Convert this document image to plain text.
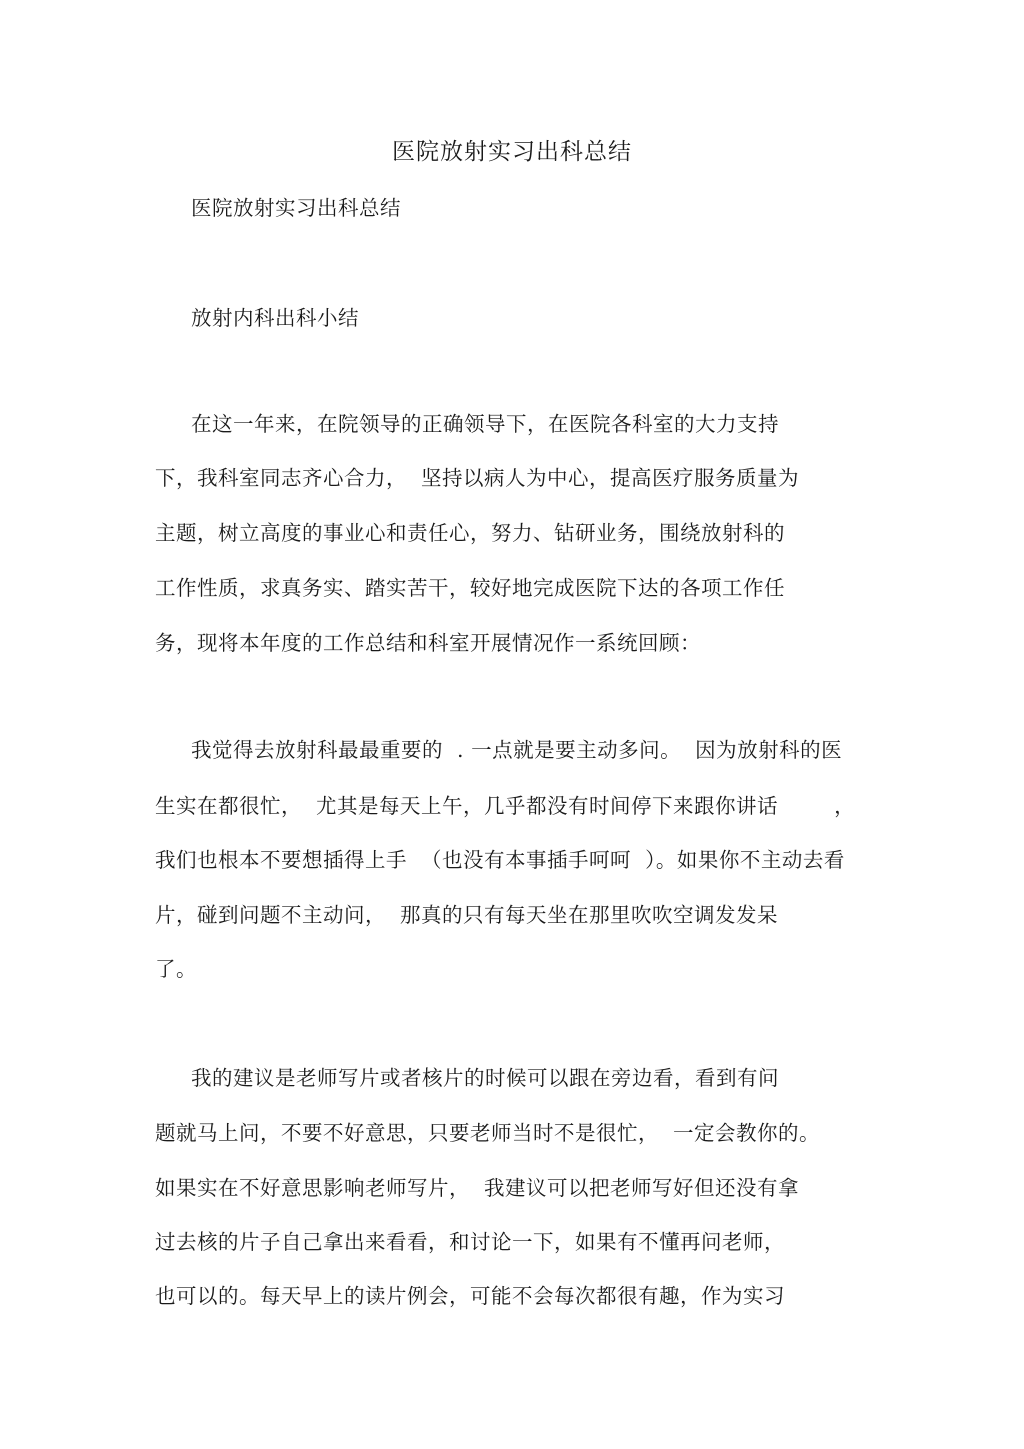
医院放射实习出科总结
医院放射实习出科总结
放射内科出科小结
在这一年来，在院领导的正确领导下，在医院各科室的大力支持
下，我科室同志齐心合力，  坚持以病人为中心，提高医疗服务质量为
主题，树立高度的事业心和责任心，努力、钻研业务，围绕放射科的
工作性质，求真务实、踏实苦干，较好地完成医院下达的各项工作任
务，现将本年度的工作总结和科室开展情况作一系统回顾：
我觉得去放射科最最重要的  . 一点就是要主动多问。  因为放射科的医
生实在都很忙，  尤其是每天上午，几乎都没有时间停下来跟你讲话        ，
我们也根本不要想插得上手  （也没有本事插手呵呵  ）。如果你不主动去看
片，碰到问题不主动问，  那真的只有每天坐在那里吹吹空调发发呆
了。
我的建议是老师写片或者核片的时候可以跟在旁边看，看到有问
题就马上问，不要不好意思，只要老师当时不是很忙，  一定会教你的。
如果实在不好意思影响老师写片，  我建议可以把老师写好但还没有拿
过去核的片子自己拿出来看看，和讨论一下，如果有不懂再问老师，
也可以的。每天早上的读片例会，可能不会每次都很有趣，作为实习
